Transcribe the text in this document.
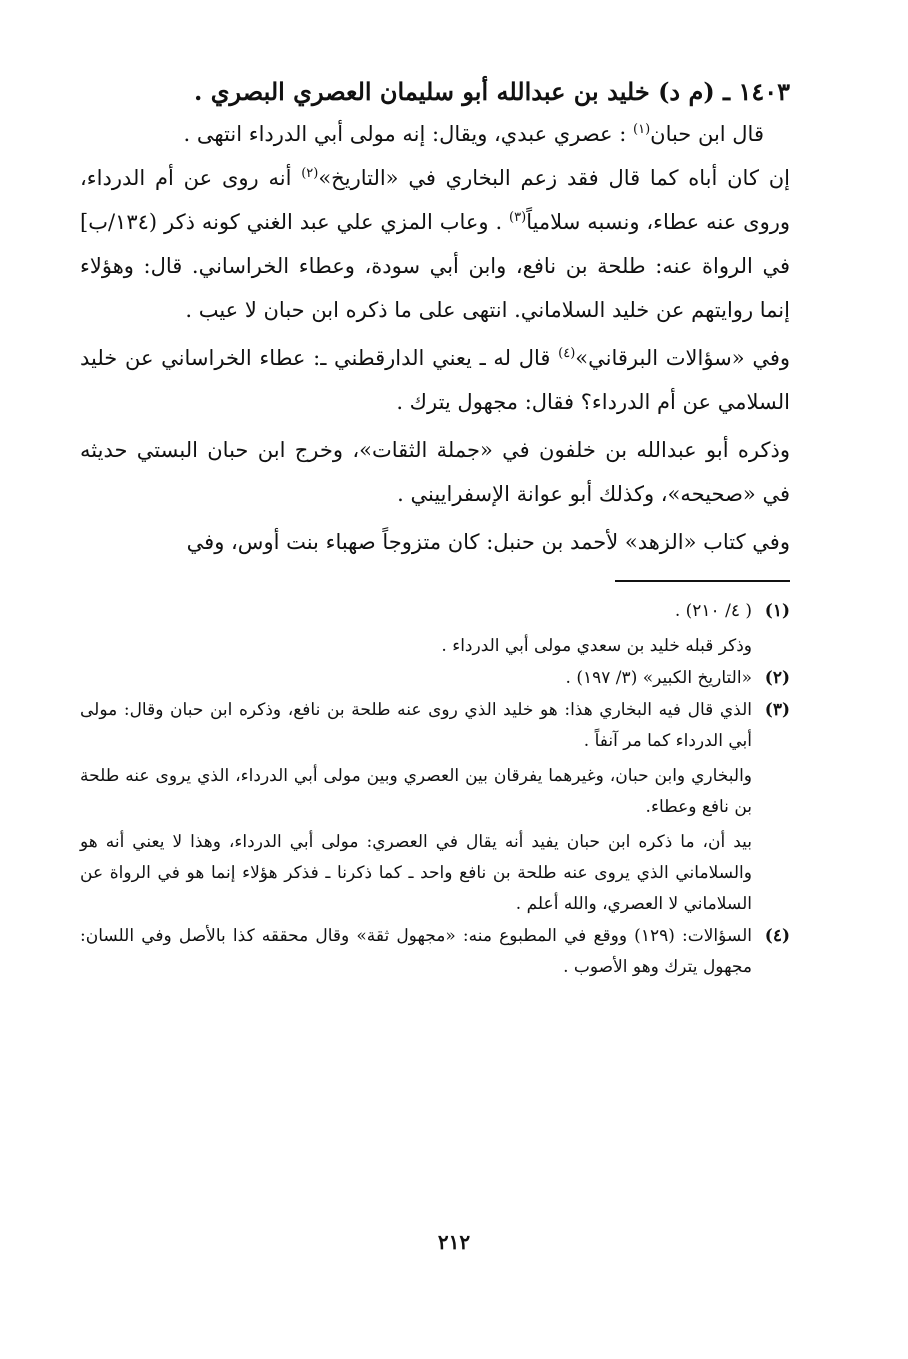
١٤٠٣ ـ (م د) خليد بن عبدالله أبو سليمان العصري البصري .

قال ابن حبان$^{(١)}$ : عصري عبدي، ويقال: إنه مولى أبي الدرداء انتهى .

إن كان أباه كما قال فقد زعم البخاري في «التاريخ»$^{(٢)}$ أنه روى عن أم الدرداء، وروى عنه عطاء، ونسبه سلامياً$^{(٣)}$ . وعاب المزي علي عبد الغني كونه ذكر (١٣٤/ب] في الرواة عنه: طلحة بن نافع، وابن أبي سودة، وعطاء الخراساني. قال: وهؤلاء إنما روايتهم عن خليد السلاماني. انتهى على ما ذكره ابن حبان لا عيب .

وفي «سؤالات البرقاني»$^{(٤)}$ قال له ـ يعني الدارقطني ـ: عطاء الخراساني عن خليد السلامي عن أم الدرداء؟ فقال: مجهول يترك .

وذكره أبو عبدالله بن خلفون في «جملة الثقات»، وخرج ابن حبان البستي حديثه في «صحيحه»، وكذلك أبو عوانة الإسفراييني .

وفي كتاب «الزهد» لأحمد بن حنبل: كان متزوجاً صهباء بنت أوس، وفي

(١)

( ٤/ ٢١٠) .

وذكر قبله خليد بن سعدي مولى أبي الدرداء .

(٢)

«التاريخ الكبير» (٣/ ١٩٧) .

(٣)

الذي قال فيه البخاري هذا: هو خليد الذي روى عنه طلحة بن نافع، وذكره ابن حبان وقال: مولى أبي الدرداء كما مر آنفاً .

والبخاري وابن حبان، وغيرهما يفرقان بين العصري وبين مولى أبي الدرداء، الذي يروى عنه طلحة بن نافع وعطاء.

بيد أن، ما ذكره ابن حبان يفيد أنه يقال في العصري: مولى أبي الدرداء، وهذا لا يعني أنه هو والسلاماني الذي يروى عنه طلحة بن نافع واحد ـ كما ذكرنا ـ فذكر هؤلاء إنما هو في الرواة عن السلاماني لا العصري، والله أعلم .

(٤)

السؤالات: (١٢٩) ووقع في المطبوع منه: «مجهول ثقة» وقال محققه كذا بالأصل وفي اللسان: مجهول يترك وهو الأصوب .

٢١٢
